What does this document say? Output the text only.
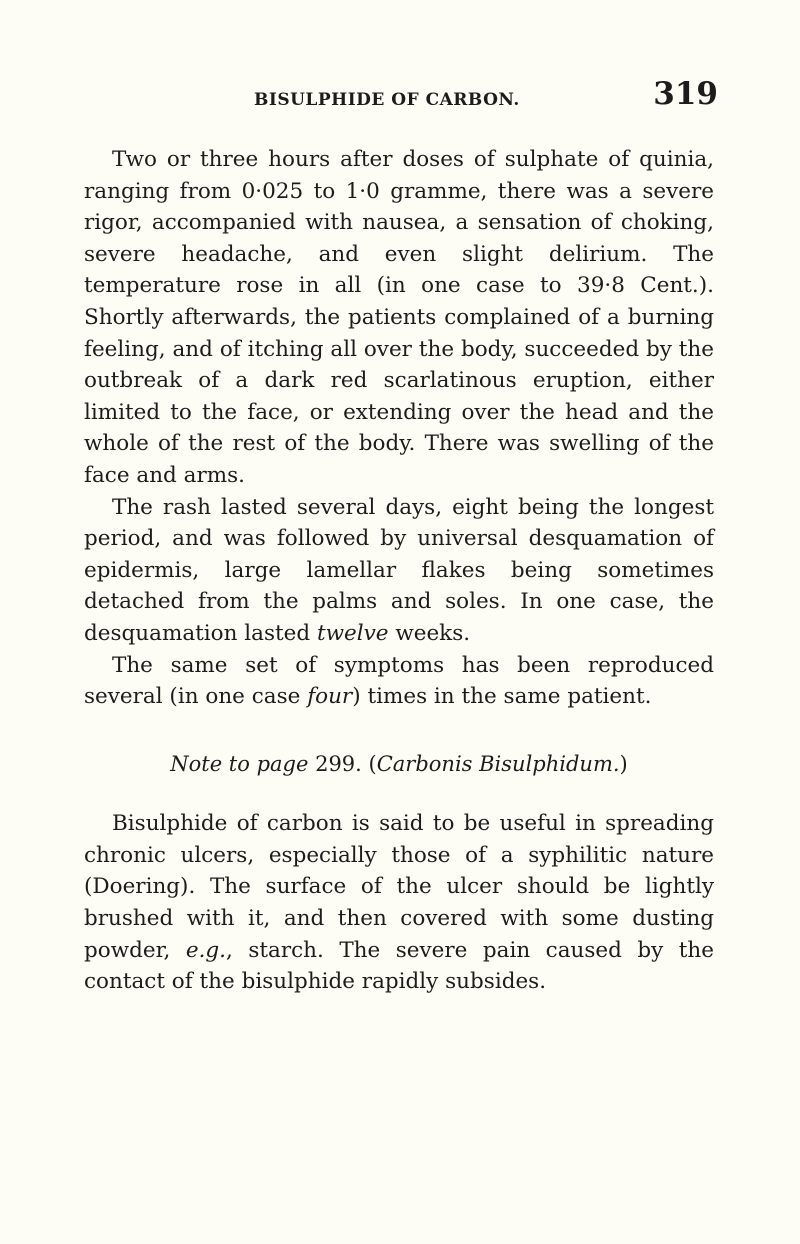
BISULPHIDE OF CARBON.	319

Two or three hours after doses of sulphate of quinia, ranging from 0·025 to 1·0 gramme, there was a severe rigor, accompanied with nausea, a sensation of choking, severe headache, and even slight delirium. The temperature rose in all (in one case to 39·8 Cent.). Shortly afterwards, the patients complained of a burning feeling, and of itching all over the body, succeeded by the outbreak of a dark red scarlatinous eruption, either limited to the face, or extending over the head and the whole of the rest of the body. There was swelling of the face and arms.

The rash lasted several days, eight being the longest period, and was followed by universal desquamation of epidermis, large lamellar flakes being sometimes detached from the palms and soles. In one case, the desquamation lasted twelve weeks.

The same set of symptoms has been reproduced several (in one case four) times in the same patient.

Note to page 299. (Carbonis Bisulphidum.)

Bisulphide of carbon is said to be useful in spreading chronic ulcers, especially those of a syphilitic nature (Doering). The surface of the ulcer should be lightly brushed with it, and then covered with some dusting powder, e.g., starch. The severe pain caused by the contact of the bisulphide rapidly subsides.
